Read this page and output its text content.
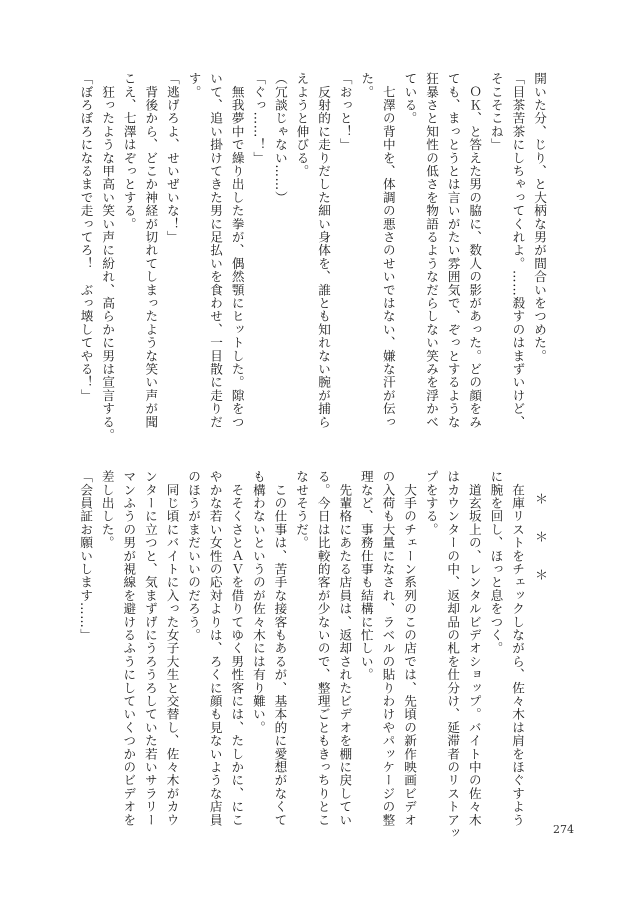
開いた分、じり、と大柄な男が間合いをつめた。
「目茶苦茶にしちゃってくれよ。……殺すのはまずいけど、
そこそこね」
　ＯＫ、と答えた男の脇に、数人の影があった。どの顔をみ
ても、まっとうとは言いがたい雰囲気で、ぞっとするような
狂暴さと知性の低さを物語るようなだらしない笑みを浮かべ
ている。
　七澤の背中を、体調の悪さのせいではない、嫌な汗が伝っ
た。
「おっと！」
　反射的に走りだした細い身体を、誰とも知れない腕が捕ら
えようと伸びる。
（冗談じゃない……）
「ぐっ……！」
　無我夢中で繰り出した拳が、偶然顎にヒットした。隙をつ
いて、追い掛けてきた男に足払いを食わせ、一目散に走りだ
す。
「逃げろよ、せいぜいな！」
　背後から、どこか神経が切れてしまったような笑い声が聞
こえ、七澤はぞっとする。
　狂ったような甲高い笑い声に紛れ、高らかに男は宣言する。
「ぼろぼろになるまで走ってろ！　ぶっ壊してやる！」
＊　＊　＊
　在庫リストをチェックしながら、佐々木は肩をほぐすよう
に腕を回し、ほっと息をつく。
　道玄坂上の、レンタルビデオショップ。バイト中の佐々木
はカウンターの中、返却品の札を仕分け、延滞者のリストアッ
プをする。
　大手のチェーン系列のこの店では、先頃の新作映画ビデオ
の入荷も大量になされ、ラベルの貼りわけやパッケージの整
理など、事務仕事も結構に忙しい。
　先輩格にあたる店員は、返却されたビデオを棚に戻してい
る。今日は比較的客が少ないので、整理ごともきっちりとこ
なせそうだ。
　この仕事は、苦手な接客もあるが、基本的に愛想がなくて
も構わないというのが佐々木には有り難い。
　そそくさとＡＶを借りてゆく男性客には、たしかに、にこ
やかな若い女性の応対よりは、ろくに顔も見ないような店員
のほうがまだいいのだろう。
　同じ頃にバイトに入った女子大生と交替し、佐々木がカウ
ンターに立つと、気まずげにうろうろしていた若いサラリー
マンふうの男が視線を避けるふうにしていくつかのビデオを
差し出した。
「会員証お願いします……」
274
